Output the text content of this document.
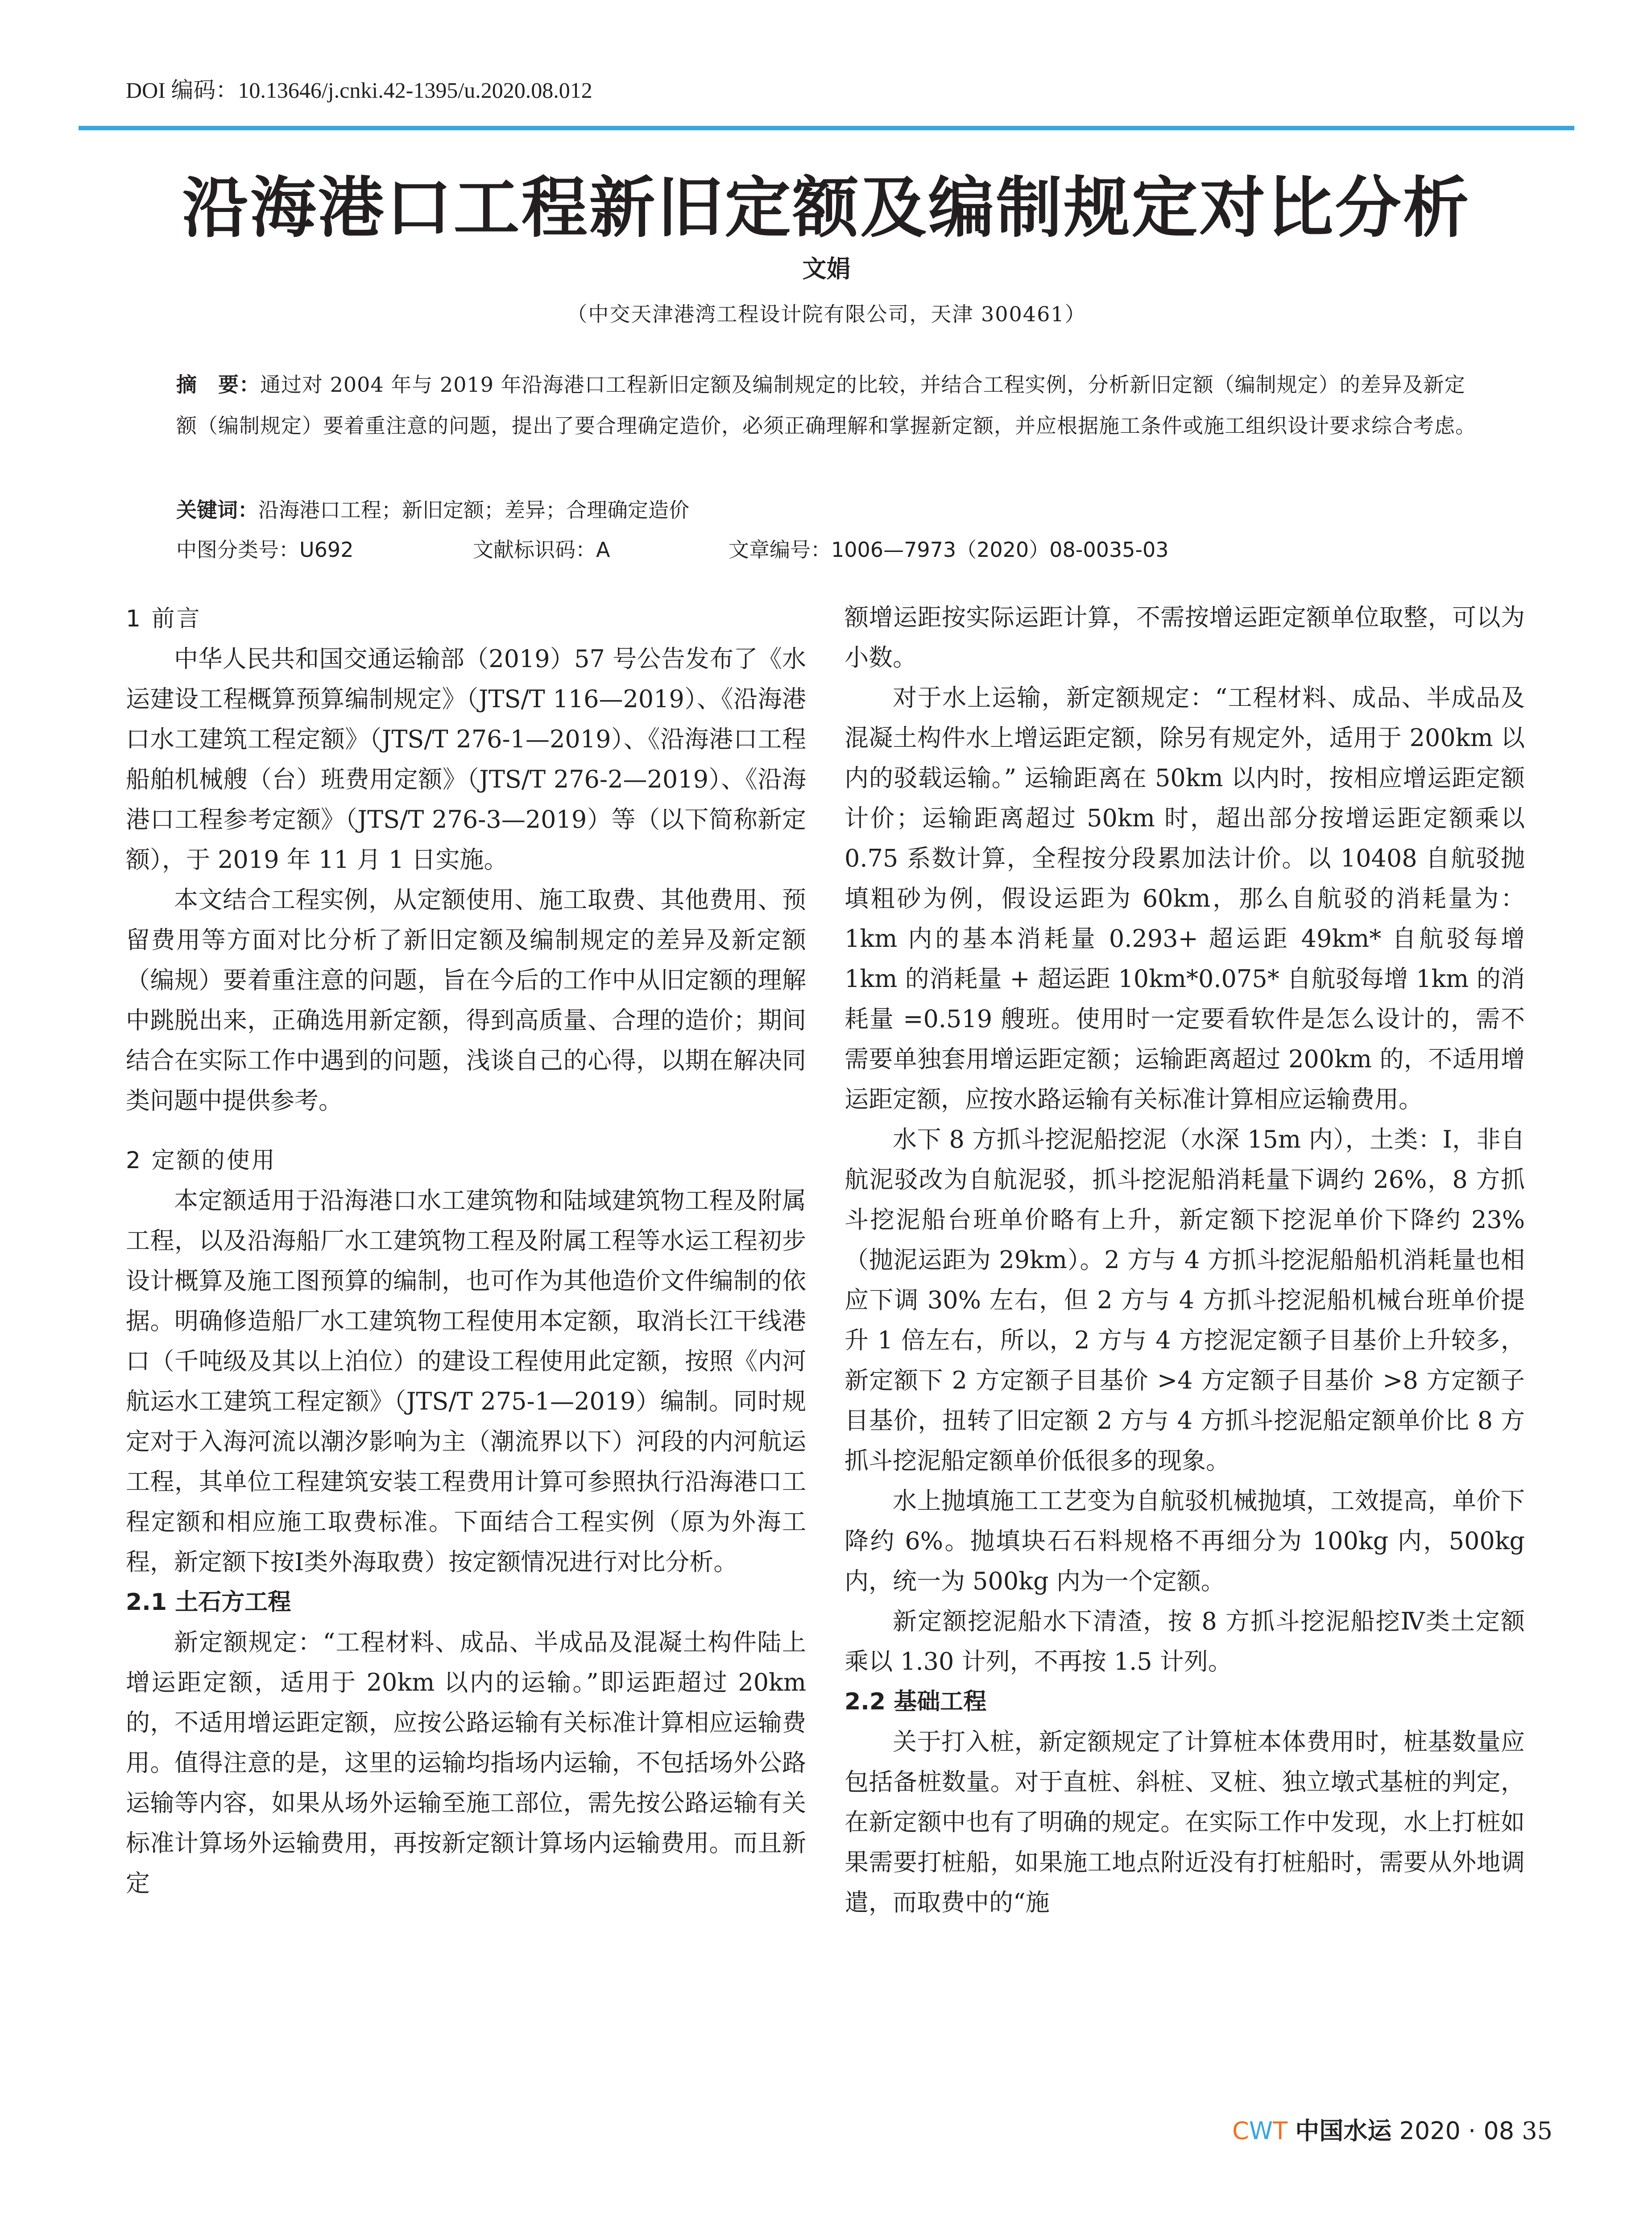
DOI 编码：10.13646/j.cnki.42-1395/u.2020.08.012
沿海港口工程新旧定额及编制规定对比分析
文娟
（中交天津港湾工程设计院有限公司，天津 300461）
摘　要：通过对 2004 年与 2019 年沿海港口工程新旧定额及编制规定的比较，并结合工程实例，分析新旧定额（编制规定）的差异及新定额（编制规定）要着重注意的问题，提出了要合理确定造价，必须正确理解和掌握新定额，并应根据施工条件或施工组织设计要求综合考虑。
关键词：沿海港口工程；新旧定额；差异；合理确定造价
中图分类号：U692	文献标识码：A	文章编号：1006—7973（2020）08-0035-03
1 前言

中华人民共和国交通运输部（2019）57 号公告发布了《水运建设工程概算预算编制规定》（JTS/T 116—2019）、《沿海港口水工建筑工程定额》（JTS/T 276-1—2019）、《沿海港口工程船舶机械艘（台）班费用定额》（JTS/T 276-2—2019）、《沿海港口工程参考定额》（JTS/T 276-3—2019）等（以下简称新定额），于 2019 年 11 月 1 日实施。

本文结合工程实例，从定额使用、施工取费、其他费用、预留费用等方面对比分析了新旧定额及编制规定的差异及新定额（编规）要着重注意的问题，旨在今后的工作中从旧定额的理解中跳脱出来，正确选用新定额，得到高质量、合理的造价；期间结合在实际工作中遇到的问题，浅谈自己的心得，以期在解决同类问题中提供参考。

2 定额的使用

本定额适用于沿海港口水工建筑物和陆域建筑物工程及附属工程，以及沿海船厂水工建筑物工程及附属工程等水运工程初步设计概算及施工图预算的编制，也可作为其他造价文件编制的依据。明确修造船厂水工建筑物工程使用本定额，取消长江干线港口（千吨级及其以上泊位）的建设工程使用此定额，按照《内河航运水工建筑工程定额》（JTS/T 275-1—2019）编制。同时规定对于入海河流以潮汐影响为主（潮流界以下）河段的内河航运工程，其单位工程建筑安装工程费用计算可参照执行沿海港口工程定额和相应施工取费标准。下面结合工程实例（原为外海工程，新定额下按Ⅰ类外海取费）按定额情况进行对比分析。

2.1 土石方工程

新定额规定：“工程材料、成品、半成品及混凝土构件陆上增运距定额，适用于 20km 以内的运输。”即运距超过 20km 的，不适用增运距定额，应按公路运输有关标准计算相应运输费用。值得注意的是，这里的运输均指场内运输，不包括场外公路运输等内容，如果从场外运输至施工部位，需先按公路运输有关标准计算场外运输费用，再按新定额计算场内运输费用。而且新定

额增运距按实际运距计算，不需按增运距定额单位取整，可以为小数。

对于水上运输，新定额规定：“工程材料、成品、半成品及混凝土构件水上增运距定额，除另有规定外，适用于 200km 以内的驳载运输。” 运输距离在 50km 以内时，按相应增运距定额计价；运输距离超过 50km 时，超出部分按增运距定额乘以 0.75 系数计算，全程按分段累加法计价。以 10408 自航驳抛填粗砂为例，假设运距为 60km，那么自航驳的消耗量为：1km 内的基本消耗量 0.293+ 超运距 49km* 自航驳每增 1km 的消耗量 + 超运距 10km*0.075* 自航驳每增 1km 的消耗量 =0.519 艘班。使用时一定要看软件是怎么设计的，需不需要单独套用增运距定额；运输距离超过 200km 的，不适用增运距定额，应按水路运输有关标准计算相应运输费用。

水下 8 方抓斗挖泥船挖泥（水深 15m 内），土类：Ⅰ，非自航泥驳改为自航泥驳，抓斗挖泥船消耗量下调约 26%，8 方抓斗挖泥船台班单价略有上升，新定额下挖泥单价下降约 23%（抛泥运距为 29km）。2 方与 4 方抓斗挖泥船船机消耗量也相应下调 30% 左右，但 2 方与 4 方抓斗挖泥船机械台班单价提升 1 倍左右，所以，2 方与 4 方挖泥定额子目基价上升较多，新定额下 2 方定额子目基价 >4 方定额子目基价 >8 方定额子目基价，扭转了旧定额 2 方与 4 方抓斗挖泥船定额单价比 8 方抓斗挖泥船定额单价低很多的现象。

水上抛填施工工艺变为自航驳机械抛填，工效提高，单价下降约 6%。抛填块石石料规格不再细分为 100kg 内，500kg 内，统一为 500kg 内为一个定额。

新定额挖泥船水下清渣，按 8 方抓斗挖泥船挖Ⅳ类土定额乘以 1.30 计列，不再按 1.5 计列。

2.2 基础工程

关于打入桩，新定额规定了计算桩本体费用时，桩基数量应包括备桩数量。对于直桩、斜桩、叉桩、独立墩式基桩的判定，在新定额中也有了明确的规定。在实际工作中发现，水上打桩如果需要打桩船，如果施工地点附近没有打桩船时，需要从外地调遣，而取费中的“施

CWT 中国水运 2020 · 08 35
